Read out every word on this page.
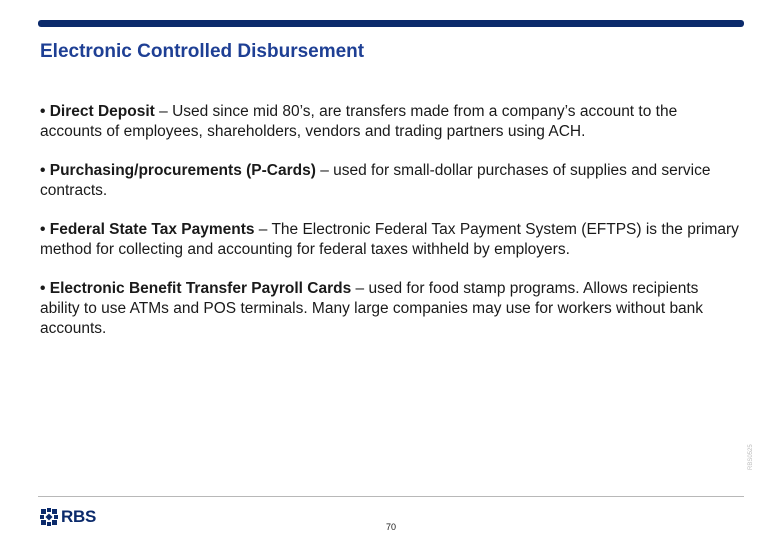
Electronic Controlled Disbursement
• Direct Deposit – Used since mid 80’s, are transfers made from a company’s account to the accounts of employees, shareholders, vendors and trading partners using ACH.
• Purchasing/procurements (P-Cards) – used for small-dollar purchases of supplies and service contracts.
• Federal State Tax Payments – The Electronic Federal Tax Payment System (EFTPS) is the primary method for collecting and accounting for federal taxes withheld by employers.
• Electronic Benefit Transfer Payroll Cards – used for food stamp programs. Allows recipients ability to use ATMs and POS terminals. Many large companies may use for workers without bank accounts.
RBS0525
RBS
70
